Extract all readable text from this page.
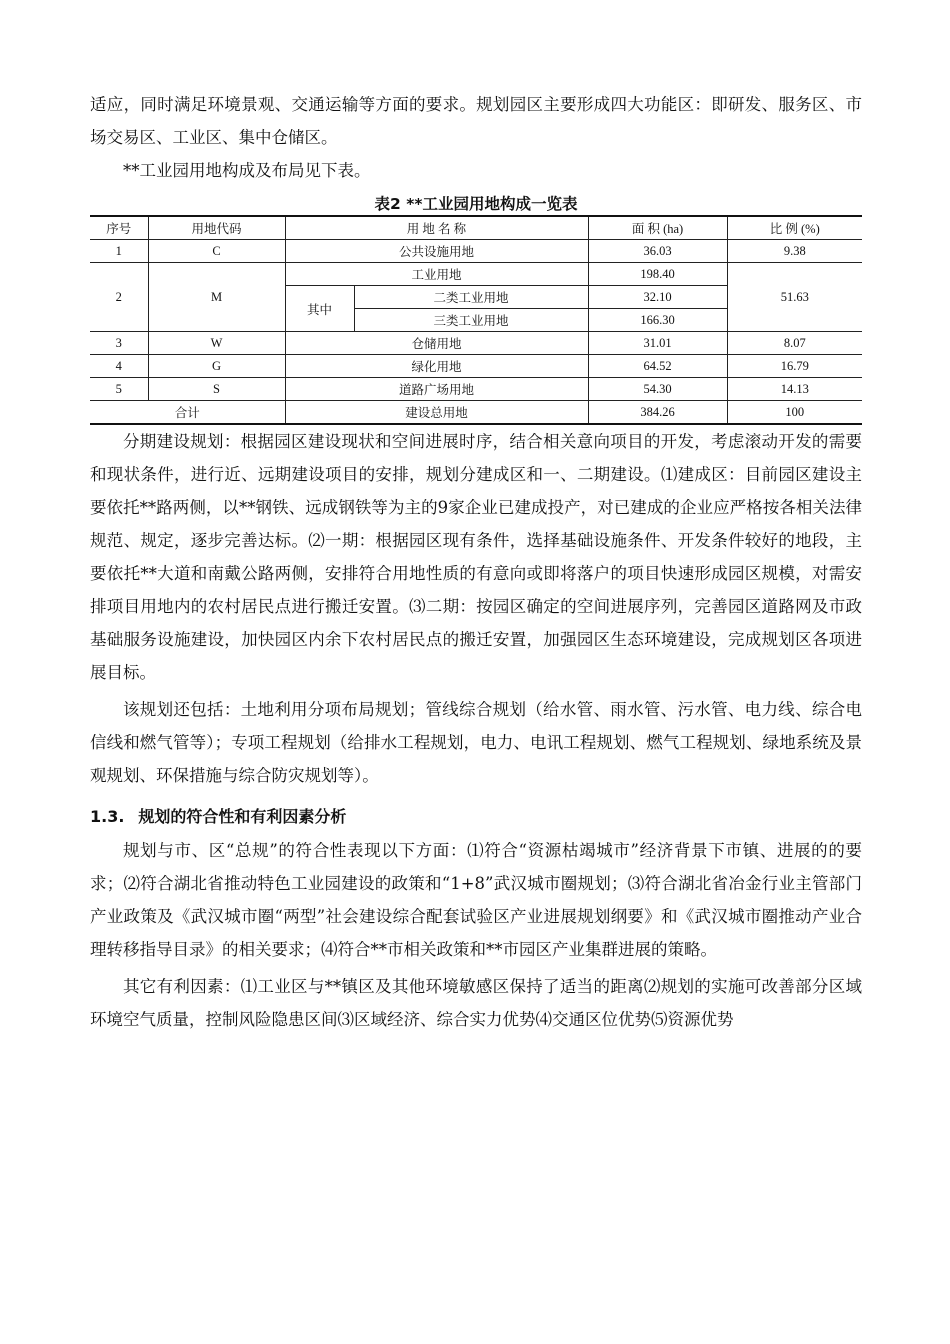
适应，同时满足环境景观、交通运输等方面的要求。规划园区主要形成四大功能区：即研发、服务区、市场交易区、工业区、集中仓储区。

**工业园用地构成及布局见下表。

表2 **工业园用地构成一览表
序号	用地代码	用 地 名 称		面 积 (ha)	比 例 (%)
1	C	公共设施用地		36.03	9.38
2	M	工业用地		198.40	51.63
		其中	二类工业用地	32.10	
			三类工业用地	166.30	
3	W	仓储用地		31.01	8.07
4	G	绿化用地		64.52	16.79
5	S	道路广场用地		54.30	14.13
合计		建设总用地		384.26	100

分期建设规划：根据园区建设现状和空间进展时序，结合相关意向项目的开发，考虑滚动开发的需要和现状条件，进行近、远期建设项目的安排，规划分建成区和一、二期建设。⑴建成区：目前园区建设主要依托**路两侧，以**钢铁、远成钢铁等为主的9家企业已建成投产，对已建成的企业应严格按各相关法律规范、规定，逐步完善达标。⑵一期：根据园区现有条件，选择基础设施条件、开发条件较好的地段，主要依托**大道和南戴公路两侧，安排符合用地性质的有意向或即将落户的项目快速形成园区规模，对需安排项目用地内的农村居民点进行搬迁安置。⑶二期：按园区确定的空间进展序列，完善园区道路网及市政基础服务设施建设，加快园区内余下农村居民点的搬迁安置，加强园区生态环境建设，完成规划区各项进展目标。

该规划还包括：土地利用分项布局规划；管线综合规划（给水管、雨水管、污水管、电力线、综合电信线和燃气管等）；专项工程规划（给排水工程规划，电力、电讯工程规划、燃气工程规划、绿地系统及景观规划、环保措施与综合防灾规划等）。

1.3. 规划的符合性和有利因素分析

规划与市、区“总规”的符合性表现以下方面：⑴符合“资源枯竭城市”经济背景下市镇、进展的的要求；⑵符合湖北省推动特色工业园建设的政策和“1+8”武汉城市圈规划；⑶符合湖北省冶金行业主管部门产业政策及《武汉城市圈“两型”社会建设综合配套试验区产业进展规划纲要》和《武汉城市圈推动产业合理转移指导目录》的相关要求；⑷符合**市相关政策和**市园区产业集群进展的策略。

其它有利因素：⑴工业区与**镇区及其他环境敏感区保持了适当的距离⑵规划的实施可改善部分区域环境空气质量，控制风险隐患区间⑶区域经济、综合实力优势⑷交通区位优势⑸资源优势
